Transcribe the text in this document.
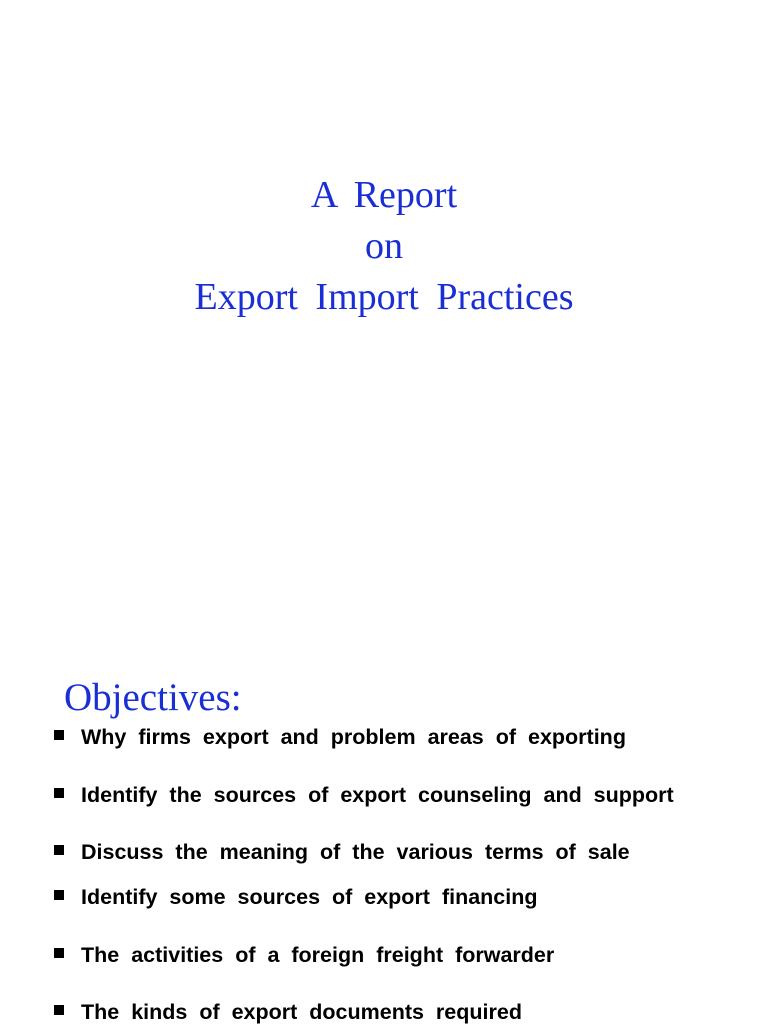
A Report
on
Export Import Practices
Objectives:
Why firms export and problem areas of exporting
Identify the sources of export counseling and support
Discuss the meaning of the various terms of sale
Identify some sources of export financing
The activities of a foreign freight forwarder
The kinds of export documents required
